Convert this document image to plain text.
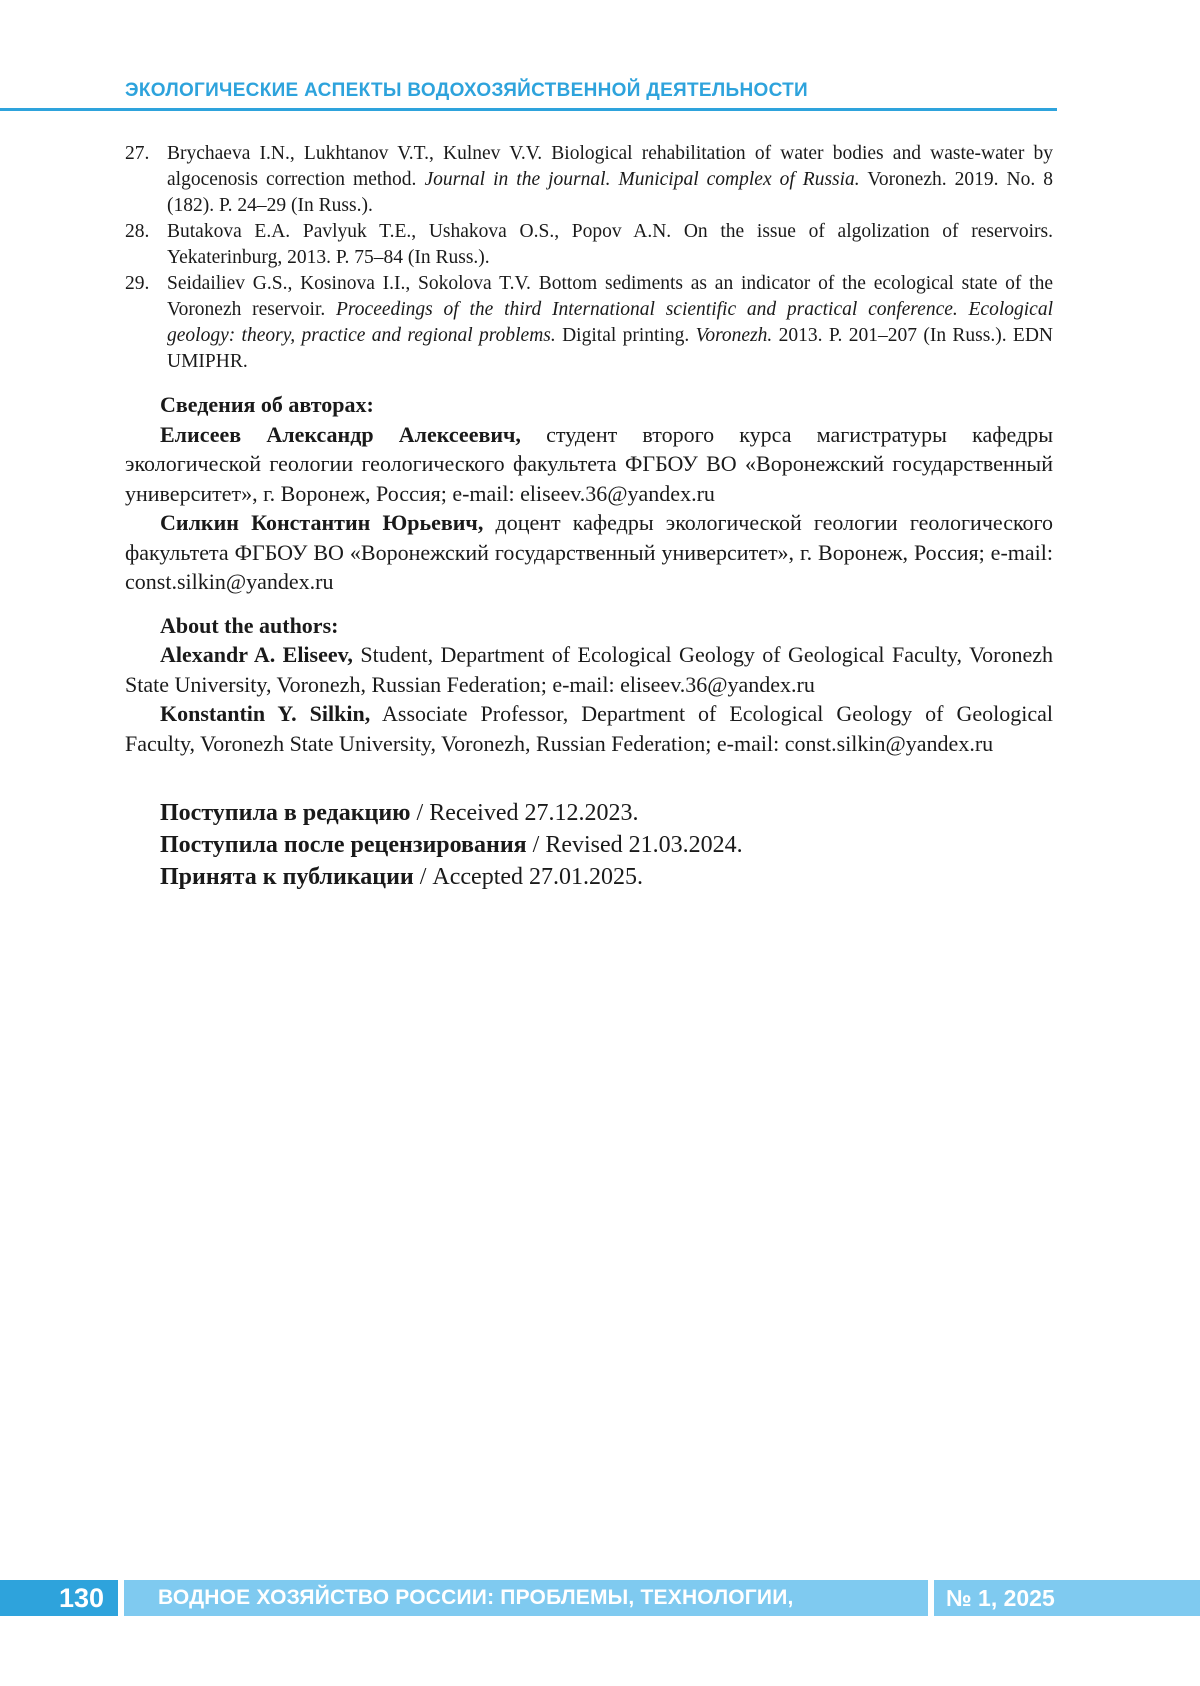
ЭКОЛОГИЧЕСКИЕ АСПЕКТЫ ВОДОХОЗЯЙСТВЕННОЙ ДЕЯТЕЛЬНОСТИ
27. Brychaeva I.N., Lukhtanov V.T., Kulnev V.V. Biological rehabilitation of water bodies and waste-water by algocenosis correction method. Journal in the journal. Municipal complex of Russia. Voronezh. 2019. No. 8 (182). P. 24–29 (In Russ.).
28. Butakova E.A. Pavlyuk T.E., Ushakova O.S., Popov A.N. On the issue of algolization of reservoirs. Yekaterinburg, 2013. P. 75–84 (In Russ.).
29. Seidailiev G.S., Kosinova I.I., Sokolova T.V. Bottom sediments as an indicator of the ecological state of the Voronezh reservoir. Proceedings of the third International scientific and practical conference. Ecological geology: theory, practice and regional problems. Digital printing. Voronezh. 2013. P. 201–207 (In Russ.). EDN UMIPHR.

Сведения об авторах:

Елисеев Александр Алексеевич, студент второго курса магистратуры кафедры экологической геологии геологического факультета ФГБОУ ВО «Воронежский государственный университет», г. Воронеж, Россия; e-mail: eliseev.36@yandex.ru

Силкин Константин Юрьевич, доцент кафедры экологической геологии геологического факультета ФГБОУ ВО «Воронежский государственный университет», г. Воронеж, Россия; e-mail: const.silkin@yandex.ru

About the authors:

Alexandr A. Eliseev, Student, Department of Ecological Geology of Geological Faculty, Voronezh State University, Voronezh, Russian Federation; e-mail: eliseev.36@yandex.ru

Konstantin Y. Silkin, Associate Professor, Department of Ecological Geology of Geological Faculty, Voronezh State University, Voronezh, Russian Federation; e-mail: const.silkin@yandex.ru

Поступила в редакцию / Received 27.12.2023.

Поступила после рецензирования / Revised 21.03.2024.

Принята к публикации / Accepted 27.01.2025.

130	ВОДНОЕ ХОЗЯЙСТВО РОССИИ: ПРОБЛЕМЫ, ТЕХНОЛОГИИ, УПРАВЛЕНИЕ
№ 1, 2025
